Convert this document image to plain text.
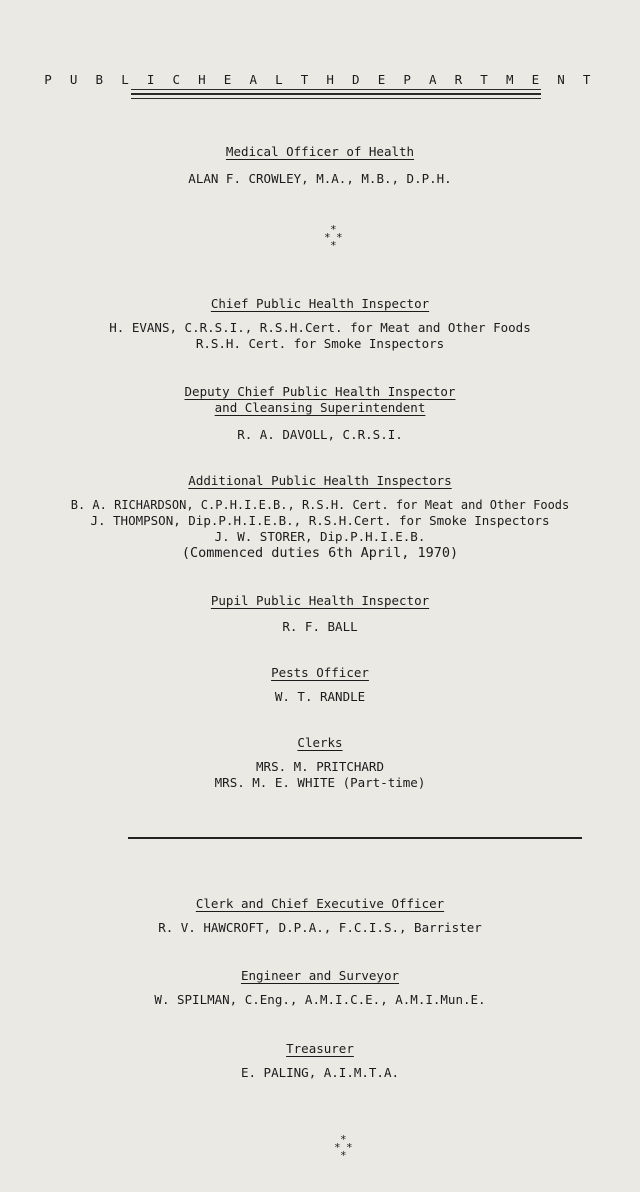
P U B L I C H E A L T H D E P A R T M E N T
Medical Officer of Health
ALAN F. CROWLEY, M.A., M.B., D.P.H.
*
* *
*
Chief Public Health Inspector
H. EVANS, C.R.S.I., R.S.H.Cert. for Meat and Other Foods
R.S.H. Cert. for Smoke Inspectors
Deputy Chief Public Health Inspector
and Cleansing Superintendent
R. A. DAVOLL, C.R.S.I.
Additional Public Health Inspectors
B. A. RICHARDSON, C.P.H.I.E.B., R.S.H. Cert. for Meat and Other Foods
J. THOMPSON, Dip.P.H.I.E.B., R.S.H.Cert. for Smoke Inspectors
J. W. STORER, Dip.P.H.I.E.B.
(Commenced duties 6th April, 1970)
Pupil Public Health Inspector
R. F. BALL
Pests Officer
W. T. RANDLE
Clerks
MRS. M. PRITCHARD
MRS. M. E. WHITE (Part-time)
Clerk and Chief Executive Officer
R. V. HAWCROFT, D.P.A., F.C.I.S., Barrister
Engineer and Surveyor
W. SPILMAN, C.Eng., A.M.I.C.E., A.M.I.Mun.E.
Treasurer
E. PALING, A.I.M.T.A.
*
* *
*
